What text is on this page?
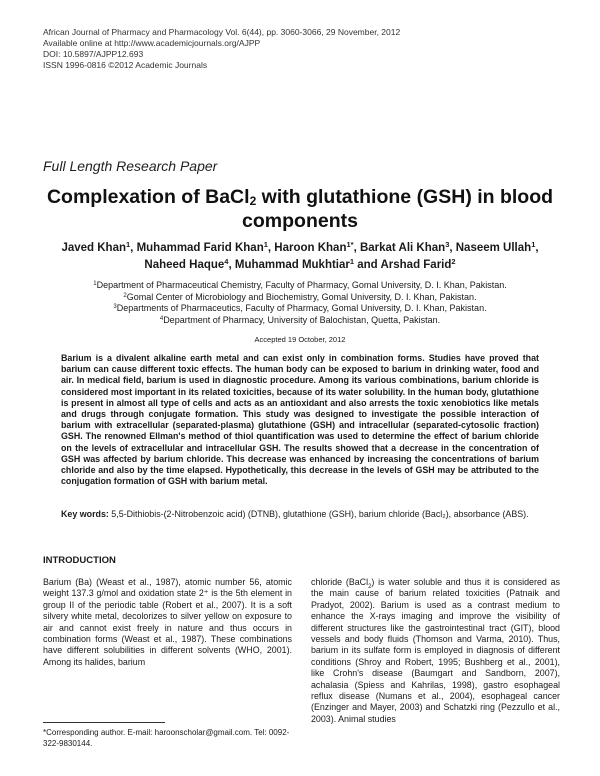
African Journal of Pharmacy and Pharmacology Vol. 6(44), pp. 3060-3066, 29 November, 2012
Available online at http://www.academicjournals.org/AJPP
DOI: 10.5897/AJPP12.693
ISSN 1996-0816 ©2012 Academic Journals
Full Length Research Paper
Complexation of BaCl$_2$ with glutathione (GSH) in blood components
Javed Khan$^1$, Muhammad Farid Khan$^1$, Haroon Khan$^{1*}$, Barkat Ali Khan$^3$, Naseem Ullah$^1$, Naheed Haque$^4$, Muhammad Mukhtiar$^1$ and Arshad Farid$^2$
$^1$Department of Pharmaceutical Chemistry, Faculty of Pharmacy, Gomal University, D. I. Khan, Pakistan.
$^2$Gomal Center of Microbiology and Biochemistry, Gomal University, D. I. Khan, Pakistan.
$^3$Departments of Pharmaceutics, Faculty of Pharmacy, Gomal University, D. I. Khan, Pakistan.
$^4$Department of Pharmacy, University of Balochistan, Quetta, Pakistan.
Accepted 19 October, 2012
Barium is a divalent alkaline earth metal and can exist only in combination forms. Studies have proved that barium can cause different toxic effects. The human body can be exposed to barium in drinking water, food and air. In medical field, barium is used in diagnostic procedure. Among its various combinations, barium chloride is considered most important in its related toxicities, because of its water solubility. In the human body, glutathione is present in almost all type of cells and acts as an antioxidant and also arrests the toxic xenobiotics like metals and drugs through conjugate formation. This study was designed to investigate the possible interaction of barium with extracellular (separated-plasma) glutathione (GSH) and intracellular (separated-cytosolic fraction) GSH. The renowned Ellman's method of thiol quantification was used to determine the effect of barium chloride on the levels of extracellular and intracellular GSH. The results showed that a decrease in the concentration of GSH was affected by barium chloride. This decrease was enhanced by increasing the concentrations of barium chloride and also by the time elapsed. Hypothetically, this decrease in the levels of GSH may be attributed to the conjugation formation of GSH with barium metal.
Key words: 5,5-Dithiobis-(2-Nitrobenzoic acid) (DTNB), glutathione (GSH), barium chloride (Bacl₂), absorbance (ABS).
INTRODUCTION
Barium (Ba) (Weast et al., 1987), atomic number 56, atomic weight 137.3 g/mol and oxidation state 2⁺ is the 5th element in group II of the periodic table (Robert et al., 2007). It is a soft silvery white metal, decolorizes to silver yellow on exposure to air and cannot exist freely in nature and thus occurs in combination forms (Weast et al., 1987). These combinations have different solubilities in different solvents (WHO, 2001). Among its halides, barium
chloride (BaCl$_2$) is water soluble and thus it is considered as the main cause of barium related toxicities (Patnaik and Pradyot, 2002). Barium is used as a contrast medium to enhance the X-rays imaging and improve the visibility of different structures like the gastrointestinal tract (GIT), blood vessels and body fluids (Thomson and Varma, 2010). Thus, barium in its sulfate form is employed in diagnosis of different conditions (Shroy and Robert, 1995; Bushberg et al., 2001), like Crohn's disease (Baumgart and Sandborn, 2007), achalasia (Spiess and Kahrilas, 1998), gastro esophageal reflux disease (Numans et al., 2004), esophageal cancer (Enzinger and Mayer, 2003) and Schatzki ring (Pezzullo et al., 2003). Animal studies
*Corresponding author. E-mail: haroonscholar@gmail.com. Tel: 0092-322-9830144.
